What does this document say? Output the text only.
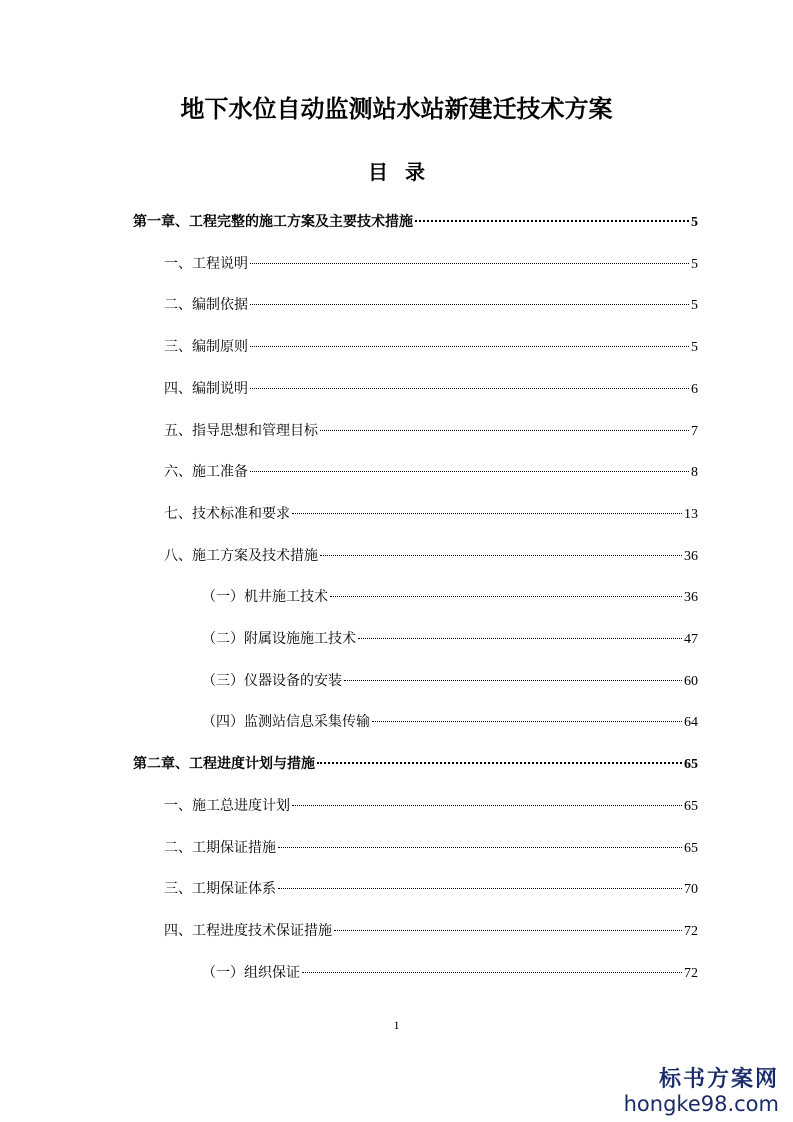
地下水位自动监测站水站新建迁技术方案
目 录
第一章、工程完整的施工方案及主要技术措施	5
一、工程说明	5
二、编制依据	5
三、编制原则	5
四、编制说明	6
五、指导思想和管理目标	7
六、施工准备	8
七、技术标准和要求	13
八、施工方案及技术措施	36
（一）机井施工技术	36
（二）附属设施施工技术	47
（三）仪器设备的安装	60
（四）监测站信息采集传输	64
第二章、工程进度计划与措施	65
一、施工总进度计划	65
二、工期保证措施	65
三、工期保证体系	70
四、工程进度技术保证措施	72
（一）组织保证	72
1
标书方案网
hongke98.com
